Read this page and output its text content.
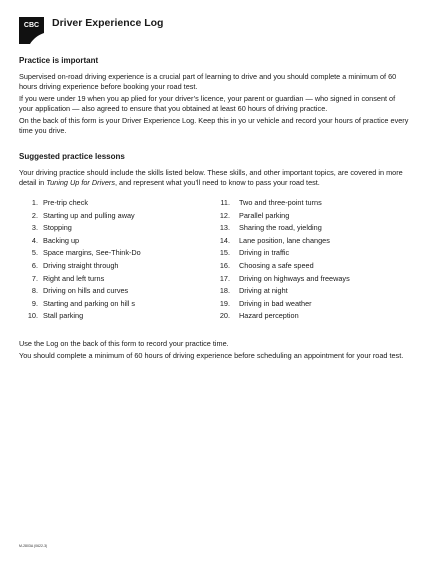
CBC Driver Experience Log
Practice is important

Supervised on-road driving experience is a crucial part of learning to drive and you should complete a minimum of 60 hours driving experience before booking your road test.

If you were under 19 when you ap plied for your driver’s licence, your parent or guardian — who signed in consent of your application — also agreed to ensure that you obtained at least 60 hours of driving practice.

On the back of this form is your Driver Experience Log. Keep this in yo ur vehicle and record your hours of practice every time you drive.

Suggested practice lessons

Your driving practice should include the skills listed below. These skills, and other important topics, are covered in more detail in Tuning Up for Drivers, and represent what you’ll need to know to pass your road test.

1. Pre-trip check
2. Starting up and pulling away
3. Stopping
4. Backing up
5. Space margins, See-Think-Do
6. Driving straight through
7. Right and left turns
8. Driving on hills and curves
9. Starting and parking on hill s
10. Stall parking
11.	Two and three-point turns
12.	Parallel parking
13.	Sharing the road, yielding
14.	Lane position, lane changes
15.	Driving in traffic
16.	Choosing a safe speed
17.	Driving on highways and freeways
18.	Driving at night
19.	Driving in bad weather
20.	Hazard perception

Use the Log on the back of this form to record your practice time.

You should complete a minimum of 60 hours of driving experience before scheduling an appointment for your road test.

M-2803A (0622-3)
